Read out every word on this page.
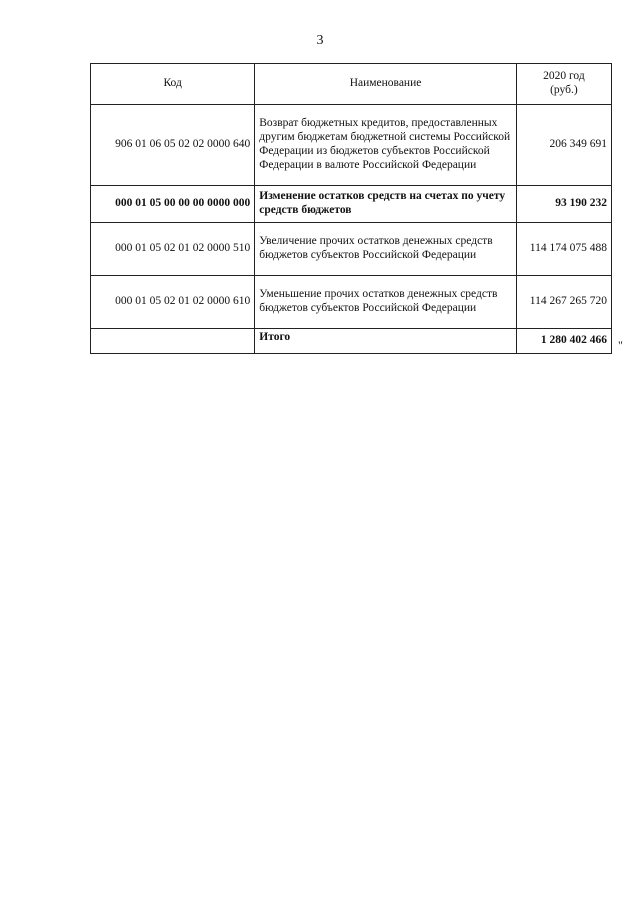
3
Код	Наименование	2020 год
(руб.)
906 01 06 05 02 02 0000 640	Возврат бюджетных кредитов, предоставленных другим бюджетам бюджетной системы Российской Федерации из бюджетов субъектов Российской Федерации в валюте Российской Федерации	206 349 691
000 01 05 00 00 00 0000 000	Изменение остатков средств на счетах по учету средств бюджетов	93 190 232
000 01 05 02 01 02 0000 510	Увеличение прочих остатков денежных средств бюджетов субъектов Российской Федерации	114 174 075 488
000 01 05 02 01 02 0000 610	Уменьшение прочих остатков денежных средств бюджетов субъектов Российской Федерации	114 267 265 720
	Итого	1 280 402 466 "
